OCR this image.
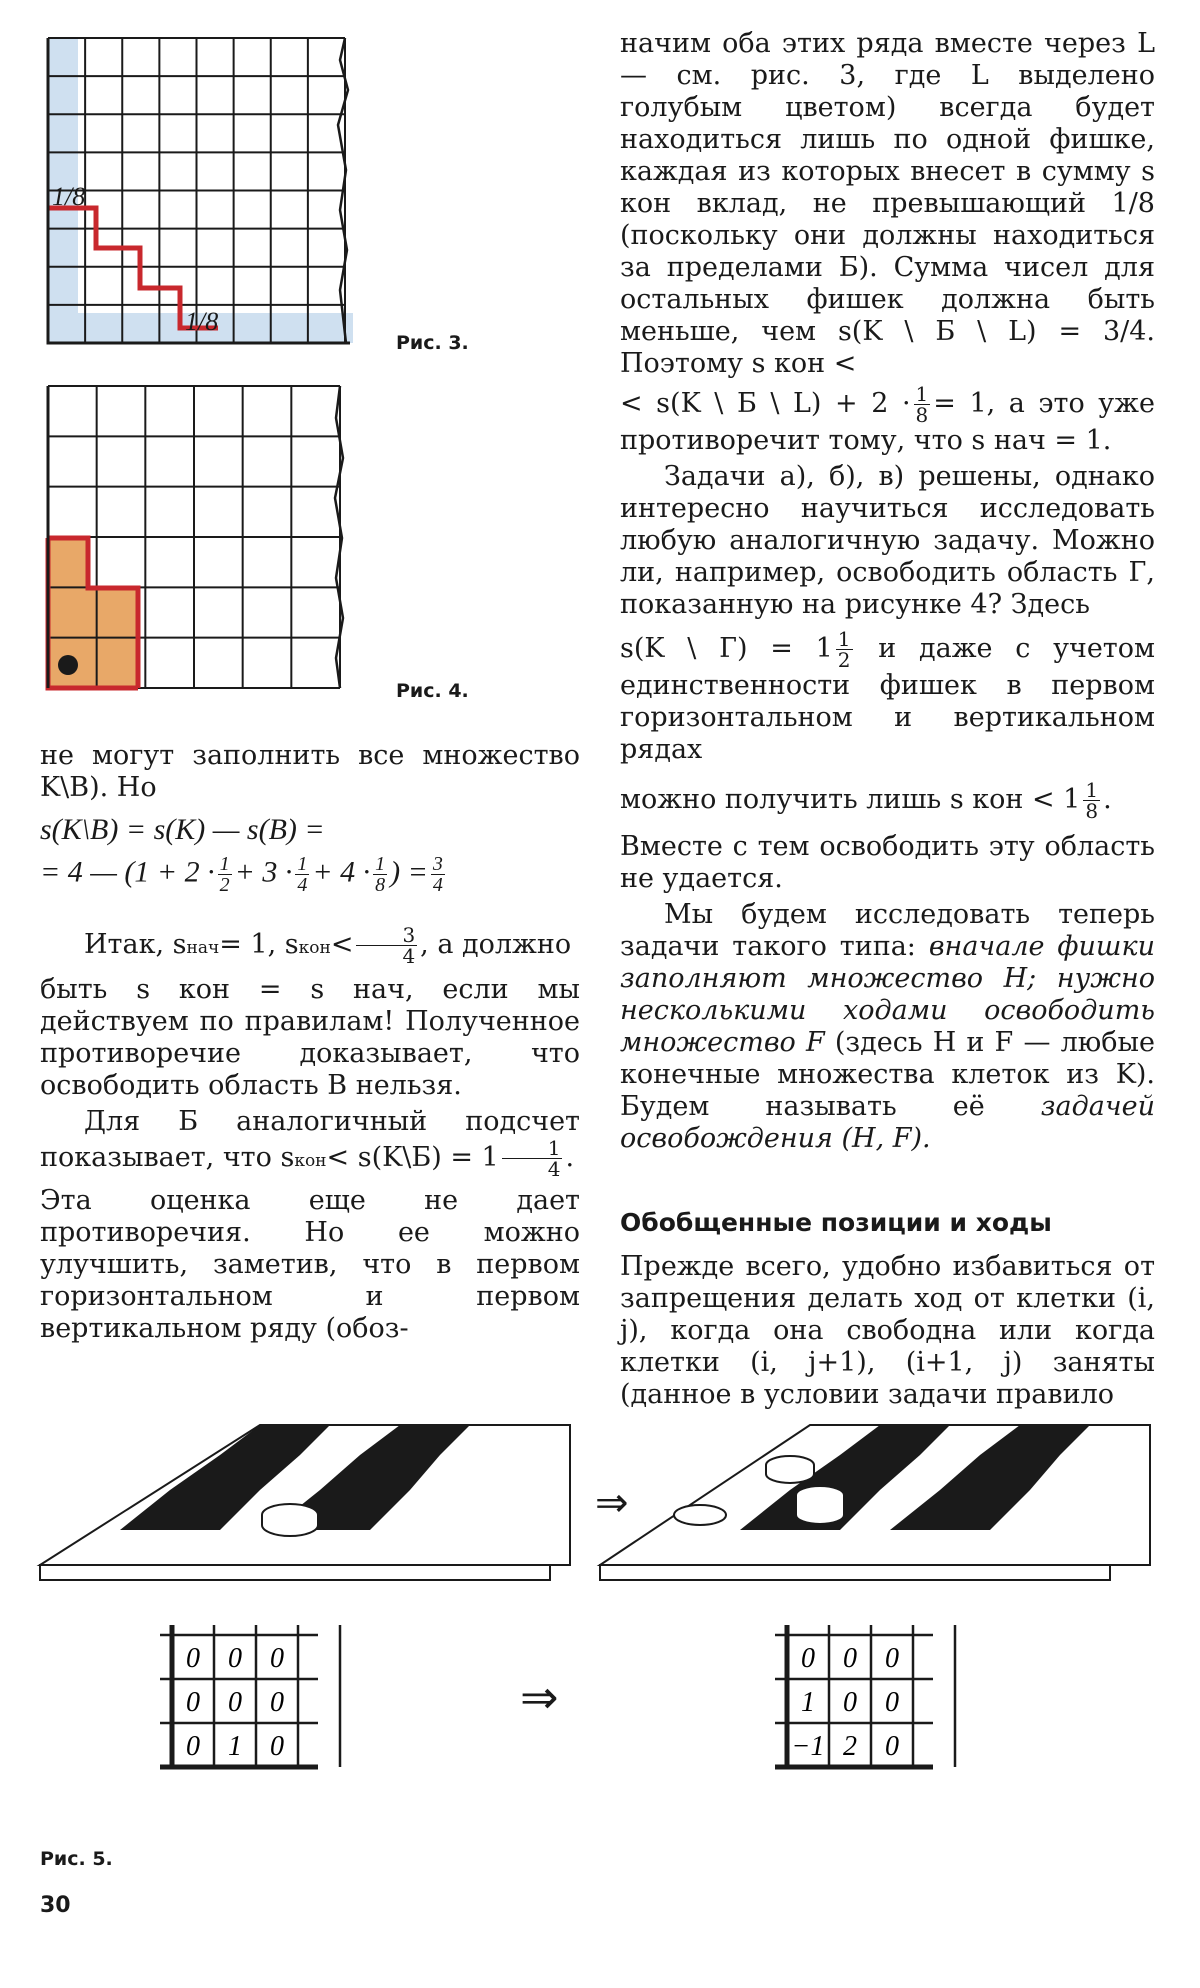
1/8
1/8
Рис. 3.
Рис. 4.

не могут заполнить все множество K\B). Но

s(K\B) = s(K) — s(B) =

= 4 — ($1 + 2 \cdot \frac{1}{2} + 3 \cdot \frac{1}{4} + 4 \cdot \frac{1}{8}$ ) = $\frac{3}{4}$

Итак, sнач= 1, sкон< $\frac{3}{4}$ , а должно

быть s кон = s нач, если мы действуем по правилам! Полученное противоречие доказывает, что освободить область B нельзя.

Для Б аналогичный подсчет показывает, что sкон< s(K\Б) = $1 \frac{1}{4}$ .

Эта оценка еще не дает противоречия. Но ее можно улучшить, заметив, что в первом горизонтальном и первом вертикальном ряду (обоз-

начим оба этих ряда вместе через L — см. рис. 3, где L выделено голубым цветом) всегда будет находиться лишь по одной фишке, каждая из которых внесет в сумму s кон вклад, не превышающий 1/8 (поскольку они должны находиться за пределами Б). Сумма чисел для остальных фишек должна быть меньше, чем s(K \ Б \ L) = 3/4. Поэтому s кон <

< s(K \ Б \ $L) + 2 \cdot \frac{1}{8} = 1$, а это уже противоречит тому, что s нач = 1.

Задачи а), б), в) решены, однако интересно научиться исследовать любую аналогичную задачу. Можно ли, например, освободить область Г, показанную на рисунке 4? Здесь

s(K \ $Г) = 1 \frac{1}{2}$ и даже с учетом единственности фишек в первом горизонтальном и вертикальном рядах

можно получить лишь s кон < $1 \frac{1}{8}$ .

Вместе с тем освободить эту область не удается.

Мы будем исследовать теперь задачи такого типа: вначале фишки заполняют множество H; нужно несколькими ходами освободить множество F (здесь H и F — любые конечные множества клеток из K). Будем называть её задачей освобождения (H, F).

Обобщенные позиции и ходы

Прежде всего, удобно избавиться от запрещения делать ход от клетки (i, j), когда она свободна или когда клетки (i, j+1), (i+1, j) заняты (данное в условии задачи правило

⇒
0 0 0
0 0 0
0 1 0
⇒
0 0 0
1 0 0
−1 2 0
Рис. 5.
30
